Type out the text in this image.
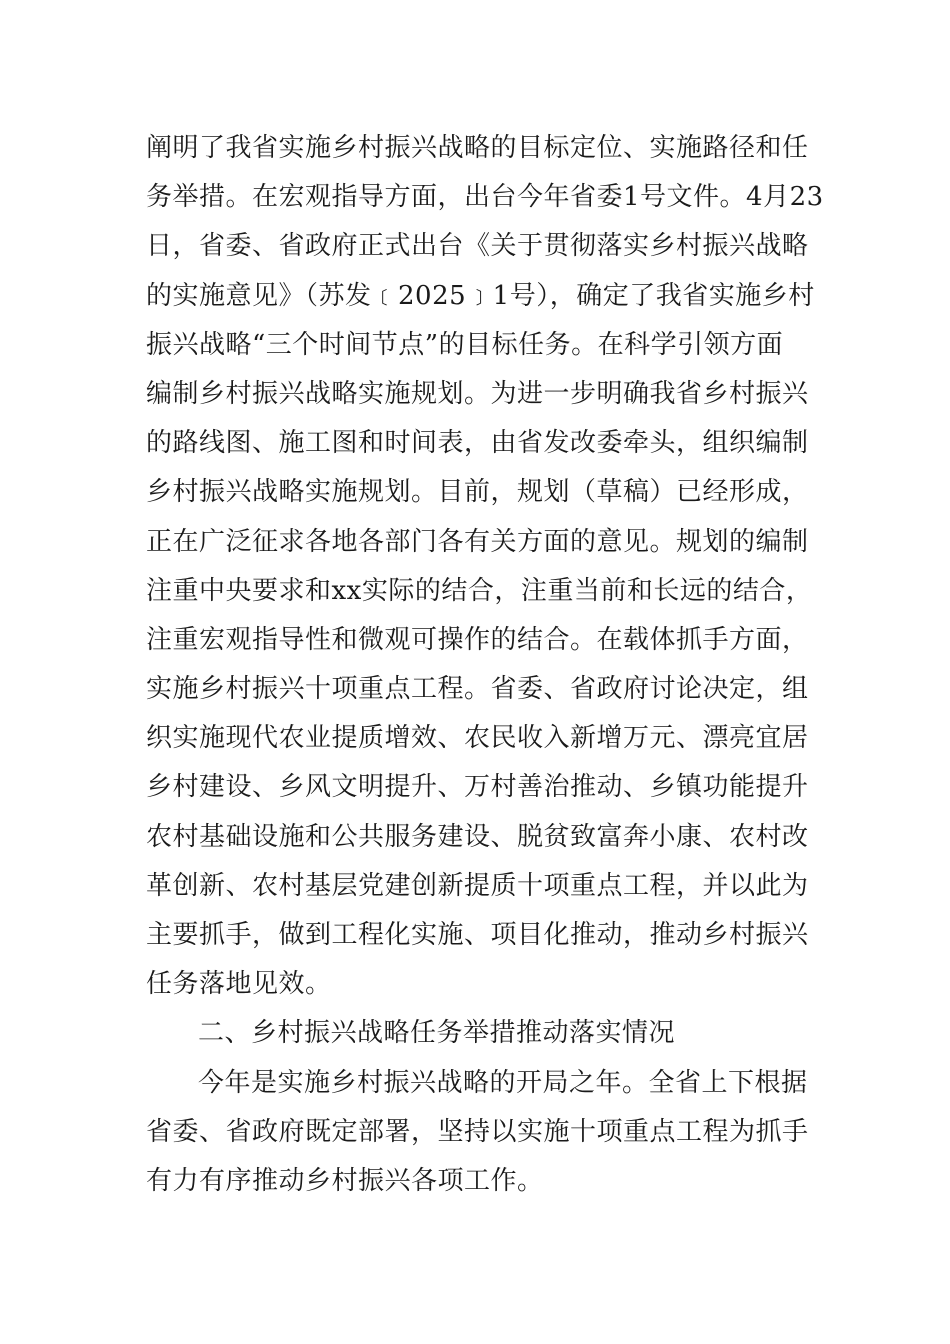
阐明了我省实施乡村振兴战略的目标定位、实施路径和任
务举措。在宏观指导方面，出台今年省委1号文件。4月23
日，省委、省政府正式出台《关于贯彻落实乡村振兴战略
的实施意见》（苏发﹝2025﹞1号），确定了我省实施乡村
振兴战略“三个时间节点”的目标任务。在科学引领方面
编制乡村振兴战略实施规划。为进一步明确我省乡村振兴
的路线图、施工图和时间表，由省发改委牵头，组织编制
乡村振兴战略实施规划。目前，规划（草稿）已经形成，
正在广泛征求各地各部门各有关方面的意见。规划的编制
注重中央要求和xx实际的结合，注重当前和长远的结合，
注重宏观指导性和微观可操作的结合。在载体抓手方面，
实施乡村振兴十项重点工程。省委、省政府讨论决定，组
织实施现代农业提质增效、农民收入新增万元、漂亮宜居
乡村建设、乡风文明提升、万村善治推动、乡镇功能提升
农村基础设施和公共服务建设、脱贫致富奔小康、农村改
革创新、农村基层党建创新提质十项重点工程，并以此为
主要抓手，做到工程化实施、项目化推动，推动乡村振兴
任务落地见效。
二、乡村振兴战略任务举措推动落实情况
今年是实施乡村振兴战略的开局之年。全省上下根据
省委、省政府既定部署，坚持以实施十项重点工程为抓手
有力有序推动乡村振兴各项工作。
